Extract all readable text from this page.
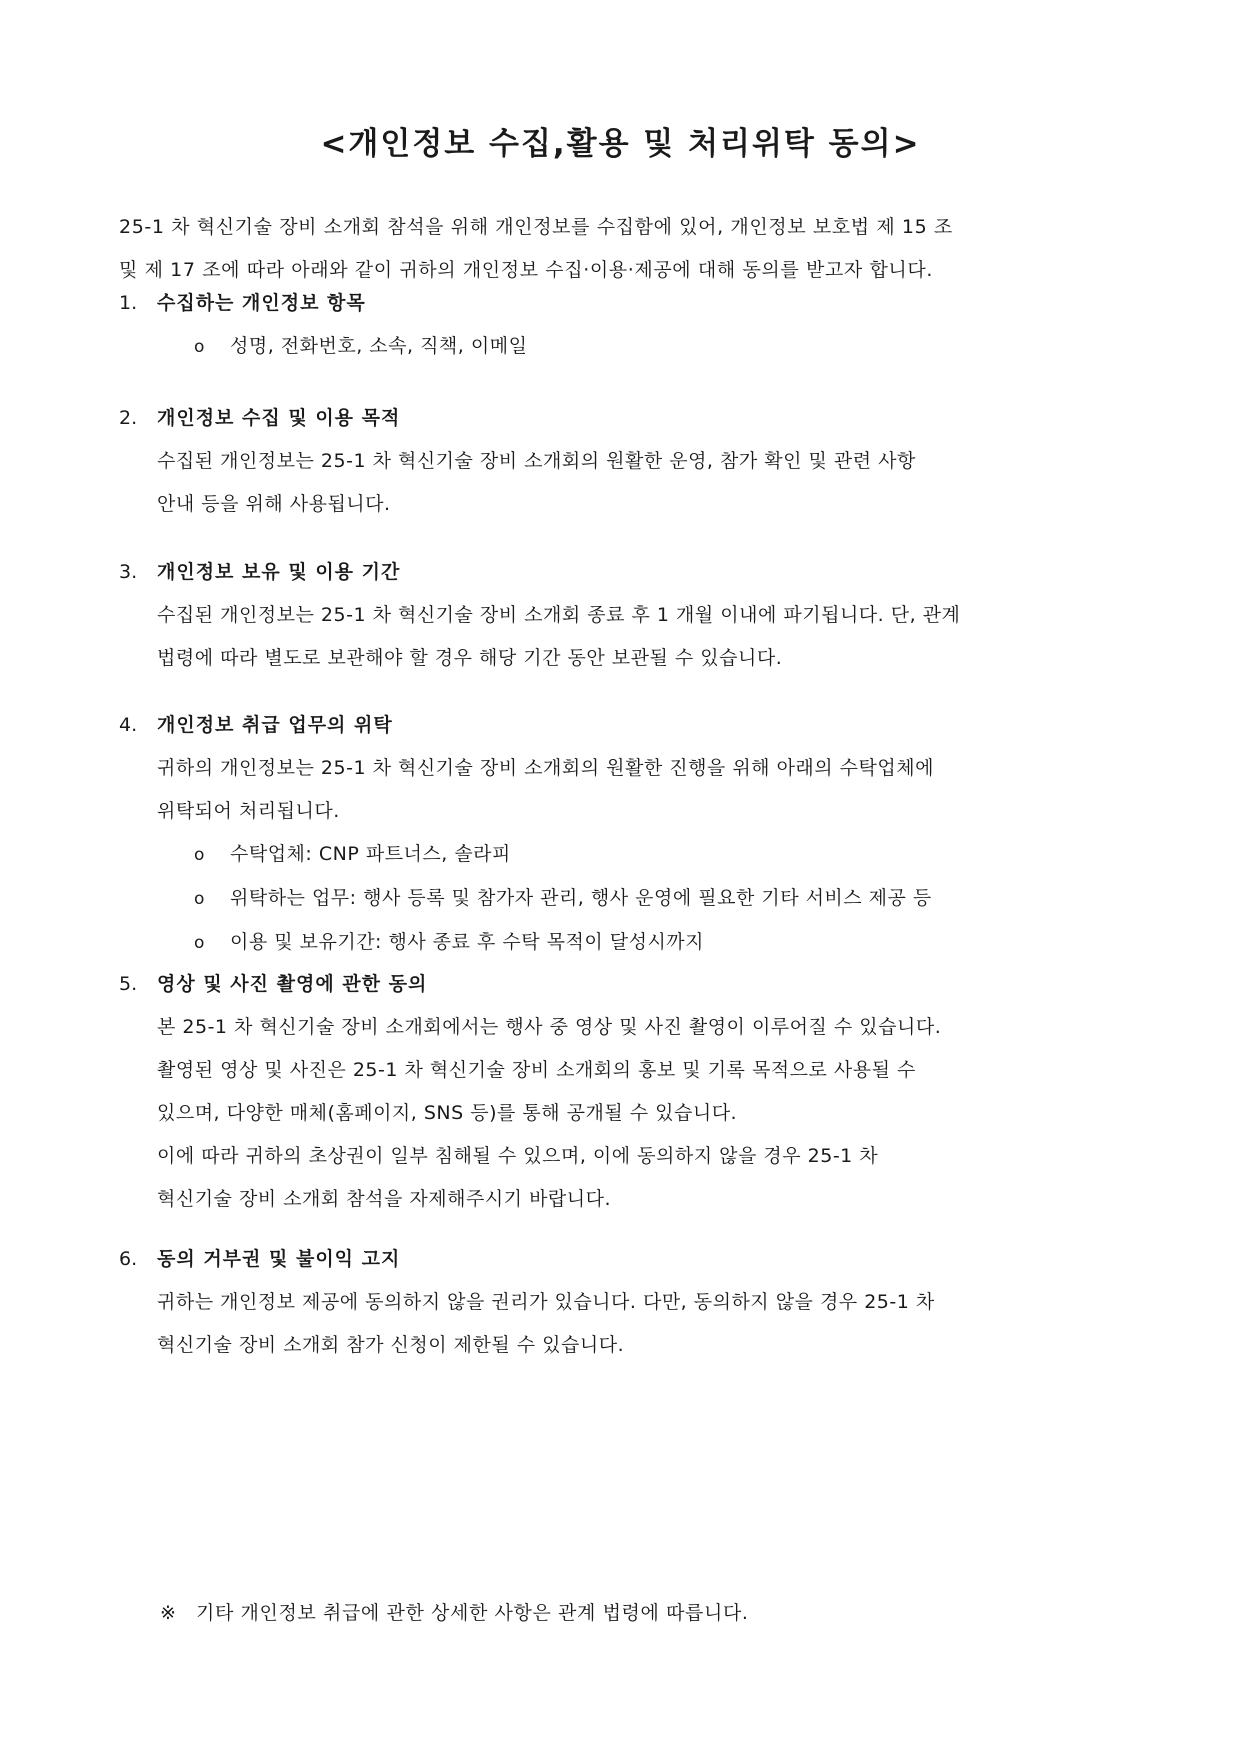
<개인정보 수집,활용 및 처리위탁 동의>

25-1 차 혁신기술 장비 소개회 참석을 위해 개인정보를 수집함에 있어, 개인정보 보호법 제 15 조

및 제 17 조에 따라 아래와 같이 귀하의 개인정보 수집·이용·제공에 대해 동의를 받고자 합니다.

1. 수집하는 개인정보 항목
o 성명, 전화번호, 소속, 직책, 이메일
2. 개인정보 수집 및 이용 목적

수집된 개인정보는 25-1 차 혁신기술 장비 소개회의 원활한 운영, 참가 확인 및 관련 사항

안내 등을 위해 사용됩니다.

3. 개인정보 보유 및 이용 기간

수집된 개인정보는 25-1 차 혁신기술 장비 소개회 종료 후 1 개월 이내에 파기됩니다. 단, 관계

법령에 따라 별도로 보관해야 할 경우 해당 기간 동안 보관될 수 있습니다.

4. 개인정보 취급 업무의 위탁

귀하의 개인정보는 25-1 차 혁신기술 장비 소개회의 원활한 진행을 위해 아래의 수탁업체에

위탁되어 처리됩니다.

o 수탁업체: CNP 파트너스, 솔라피
o 위탁하는 업무: 행사 등록 및 참가자 관리, 행사 운영에 필요한 기타 서비스 제공 등
o 이용 및 보유기간: 행사 종료 후 수탁 목적이 달성시까지
5. 영상 및 사진 촬영에 관한 동의

본 25-1 차 혁신기술 장비 소개회에서는 행사 중 영상 및 사진 촬영이 이루어질 수 있습니다.

촬영된 영상 및 사진은 25-1 차 혁신기술 장비 소개회의 홍보 및 기록 목적으로 사용될 수

있으며, 다양한 매체(홈페이지, SNS 등)를 통해 공개될 수 있습니다.

이에 따라 귀하의 초상권이 일부 침해될 수 있으며, 이에 동의하지 않을 경우 25-1 차

혁신기술 장비 소개회 참석을 자제해주시기 바랍니다.

6. 동의 거부권 및 불이익 고지

귀하는 개인정보 제공에 동의하지 않을 권리가 있습니다. 다만, 동의하지 않을 경우 25-1 차

혁신기술 장비 소개회 참가 신청이 제한될 수 있습니다.

※ 기타 개인정보 취급에 관한 상세한 사항은 관계 법령에 따릅니다.
